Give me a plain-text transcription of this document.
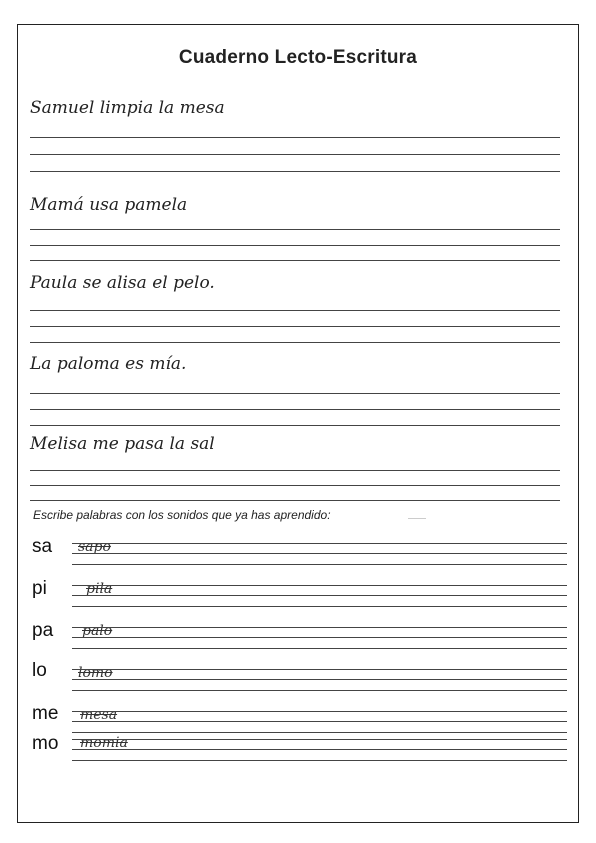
Cuaderno Lecto-Escritura
Samuel limpia la mesa
Mamá usa pamela
Paula se alisa el pelo.
La paloma es mía.
Melisa me pasa la sal
Escribe palabras con los sonidos que ya has aprendido:
sa sapo
pi	pila
pa palo
lo lomo
me mesa
mo momia
